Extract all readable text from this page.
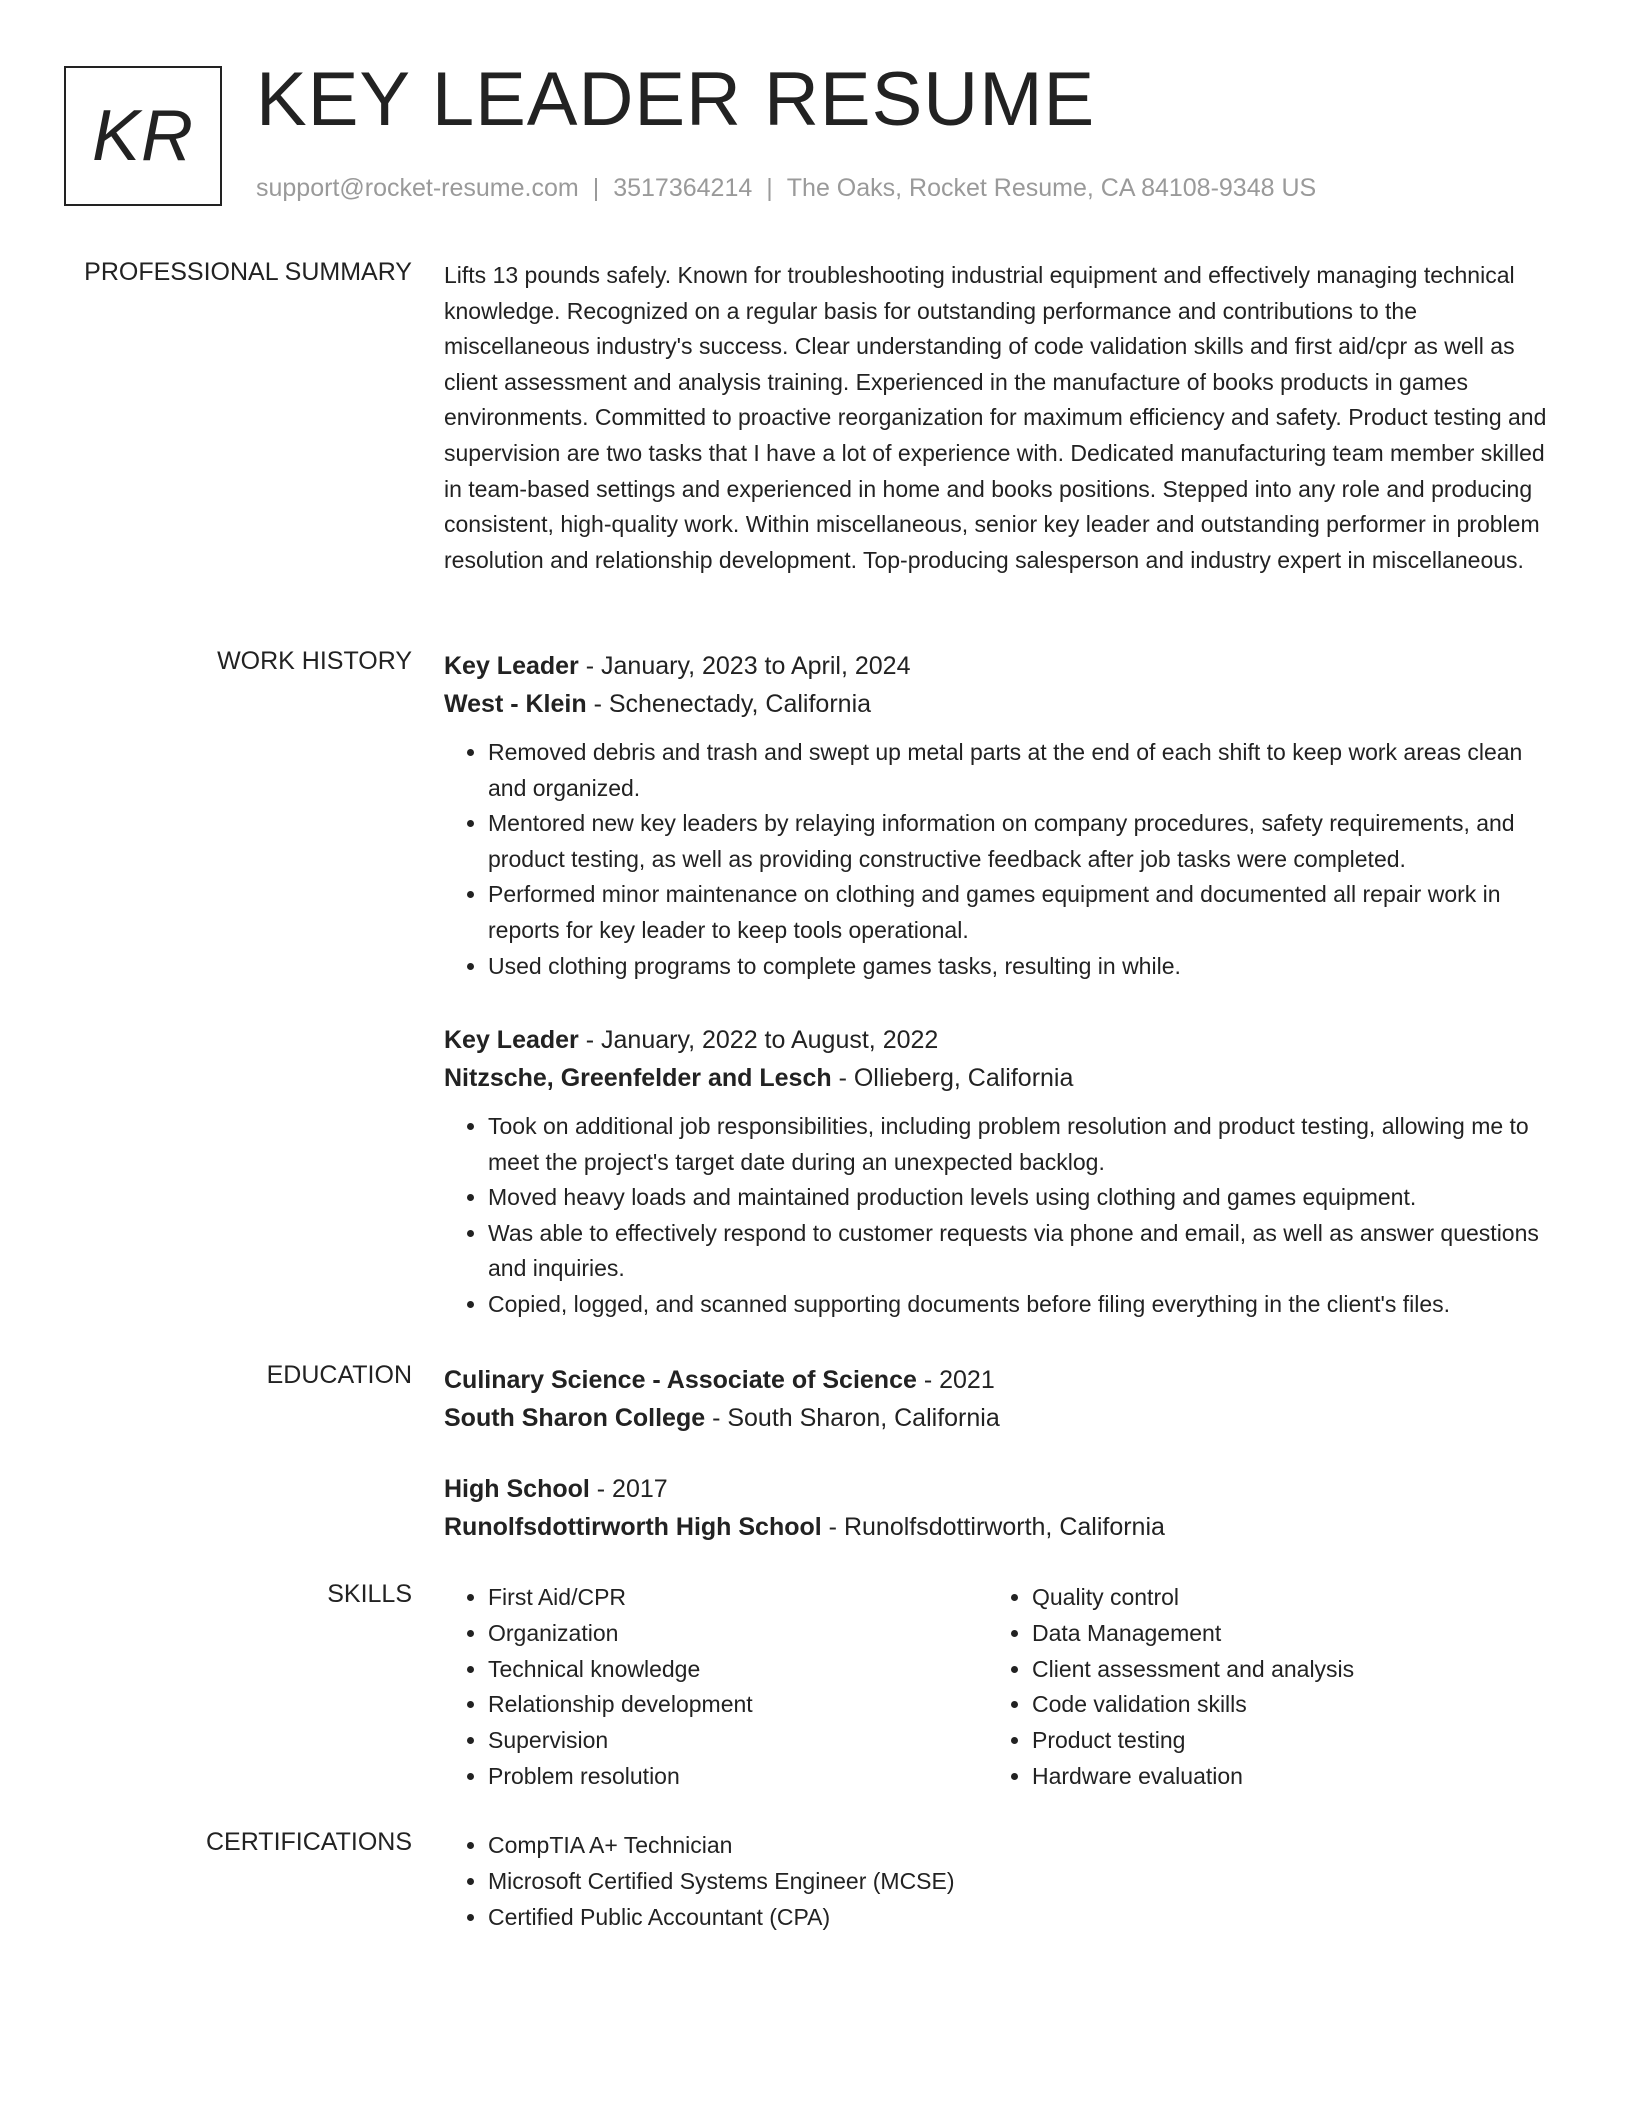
KR KEY LEADER RESUME
support@rocket-resume.com | 3517364214 | The Oaks, Rocket Resume, CA 84108-9348 US
PROFESSIONAL SUMMARY Lifts 13 pounds safely. Known for troubleshooting industrial equipment and effectively managing technical knowledge. Recognized on a regular basis for outstanding performance and contributions to the miscellaneous industry's success. Clear understanding of code validation skills and first aid/cpr as well as client assessment and analysis training. Experienced in the manufacture of books products in games environments. Committed to proactive reorganization for maximum efficiency and safety. Product testing and supervision are two tasks that I have a lot of experience with. Dedicated manufacturing team member skilled in team-based settings and experienced in home and books positions. Stepped into any role and producing consistent, high-quality work. Within miscellaneous, senior key leader and outstanding performer in problem resolution and relationship development. Top-producing salesperson and industry expert in miscellaneous.

WORK HISTORY Key Leader - January, 2023 to April, 2024

West - Klein - Schenectady, California

• Removed debris and trash and swept up metal parts at the end of each shift to keep work areas clean and organized.
• Mentored new key leaders by relaying information on company procedures, safety requirements, and product testing, as well as providing constructive feedback after job tasks were completed.
• Performed minor maintenance on clothing and games equipment and documented all repair work in reports for key leader to keep tools operational.
• Used clothing programs to complete games tasks, resulting in while.

Key Leader - January, 2022 to August, 2022

Nitzsche, Greenfelder and Lesch - Ollieberg, California

• Took on additional job responsibilities, including problem resolution and product testing, allowing me to meet the project's target date during an unexpected backlog.
• Moved heavy loads and maintained production levels using clothing and games equipment.
• Was able to effectively respond to customer requests via phone and email, as well as answer questions and inquiries.
• Copied, logged, and scanned supporting documents before filing everything in the client's files.
EDUCATION Culinary Science - Associate of Science - 2021

South Sharon College - South Sharon, California

High School - 2017

Runolfsdottirworth High School - Runolfsdottirworth, California

SKILLS	• First Aid/CPR
• Organization
• Technical knowledge
• Relationship development
• Supervision
• Problem resolution
• Quality control
• Data Management
• Client assessment and analysis
• Code validation skills
• Product testing
• Hardware evaluation
CERTIFICATIONS	• CompTIA A+ Technician
• Microsoft Certified Systems Engineer (MCSE)
• Certified Public Accountant (CPA)
